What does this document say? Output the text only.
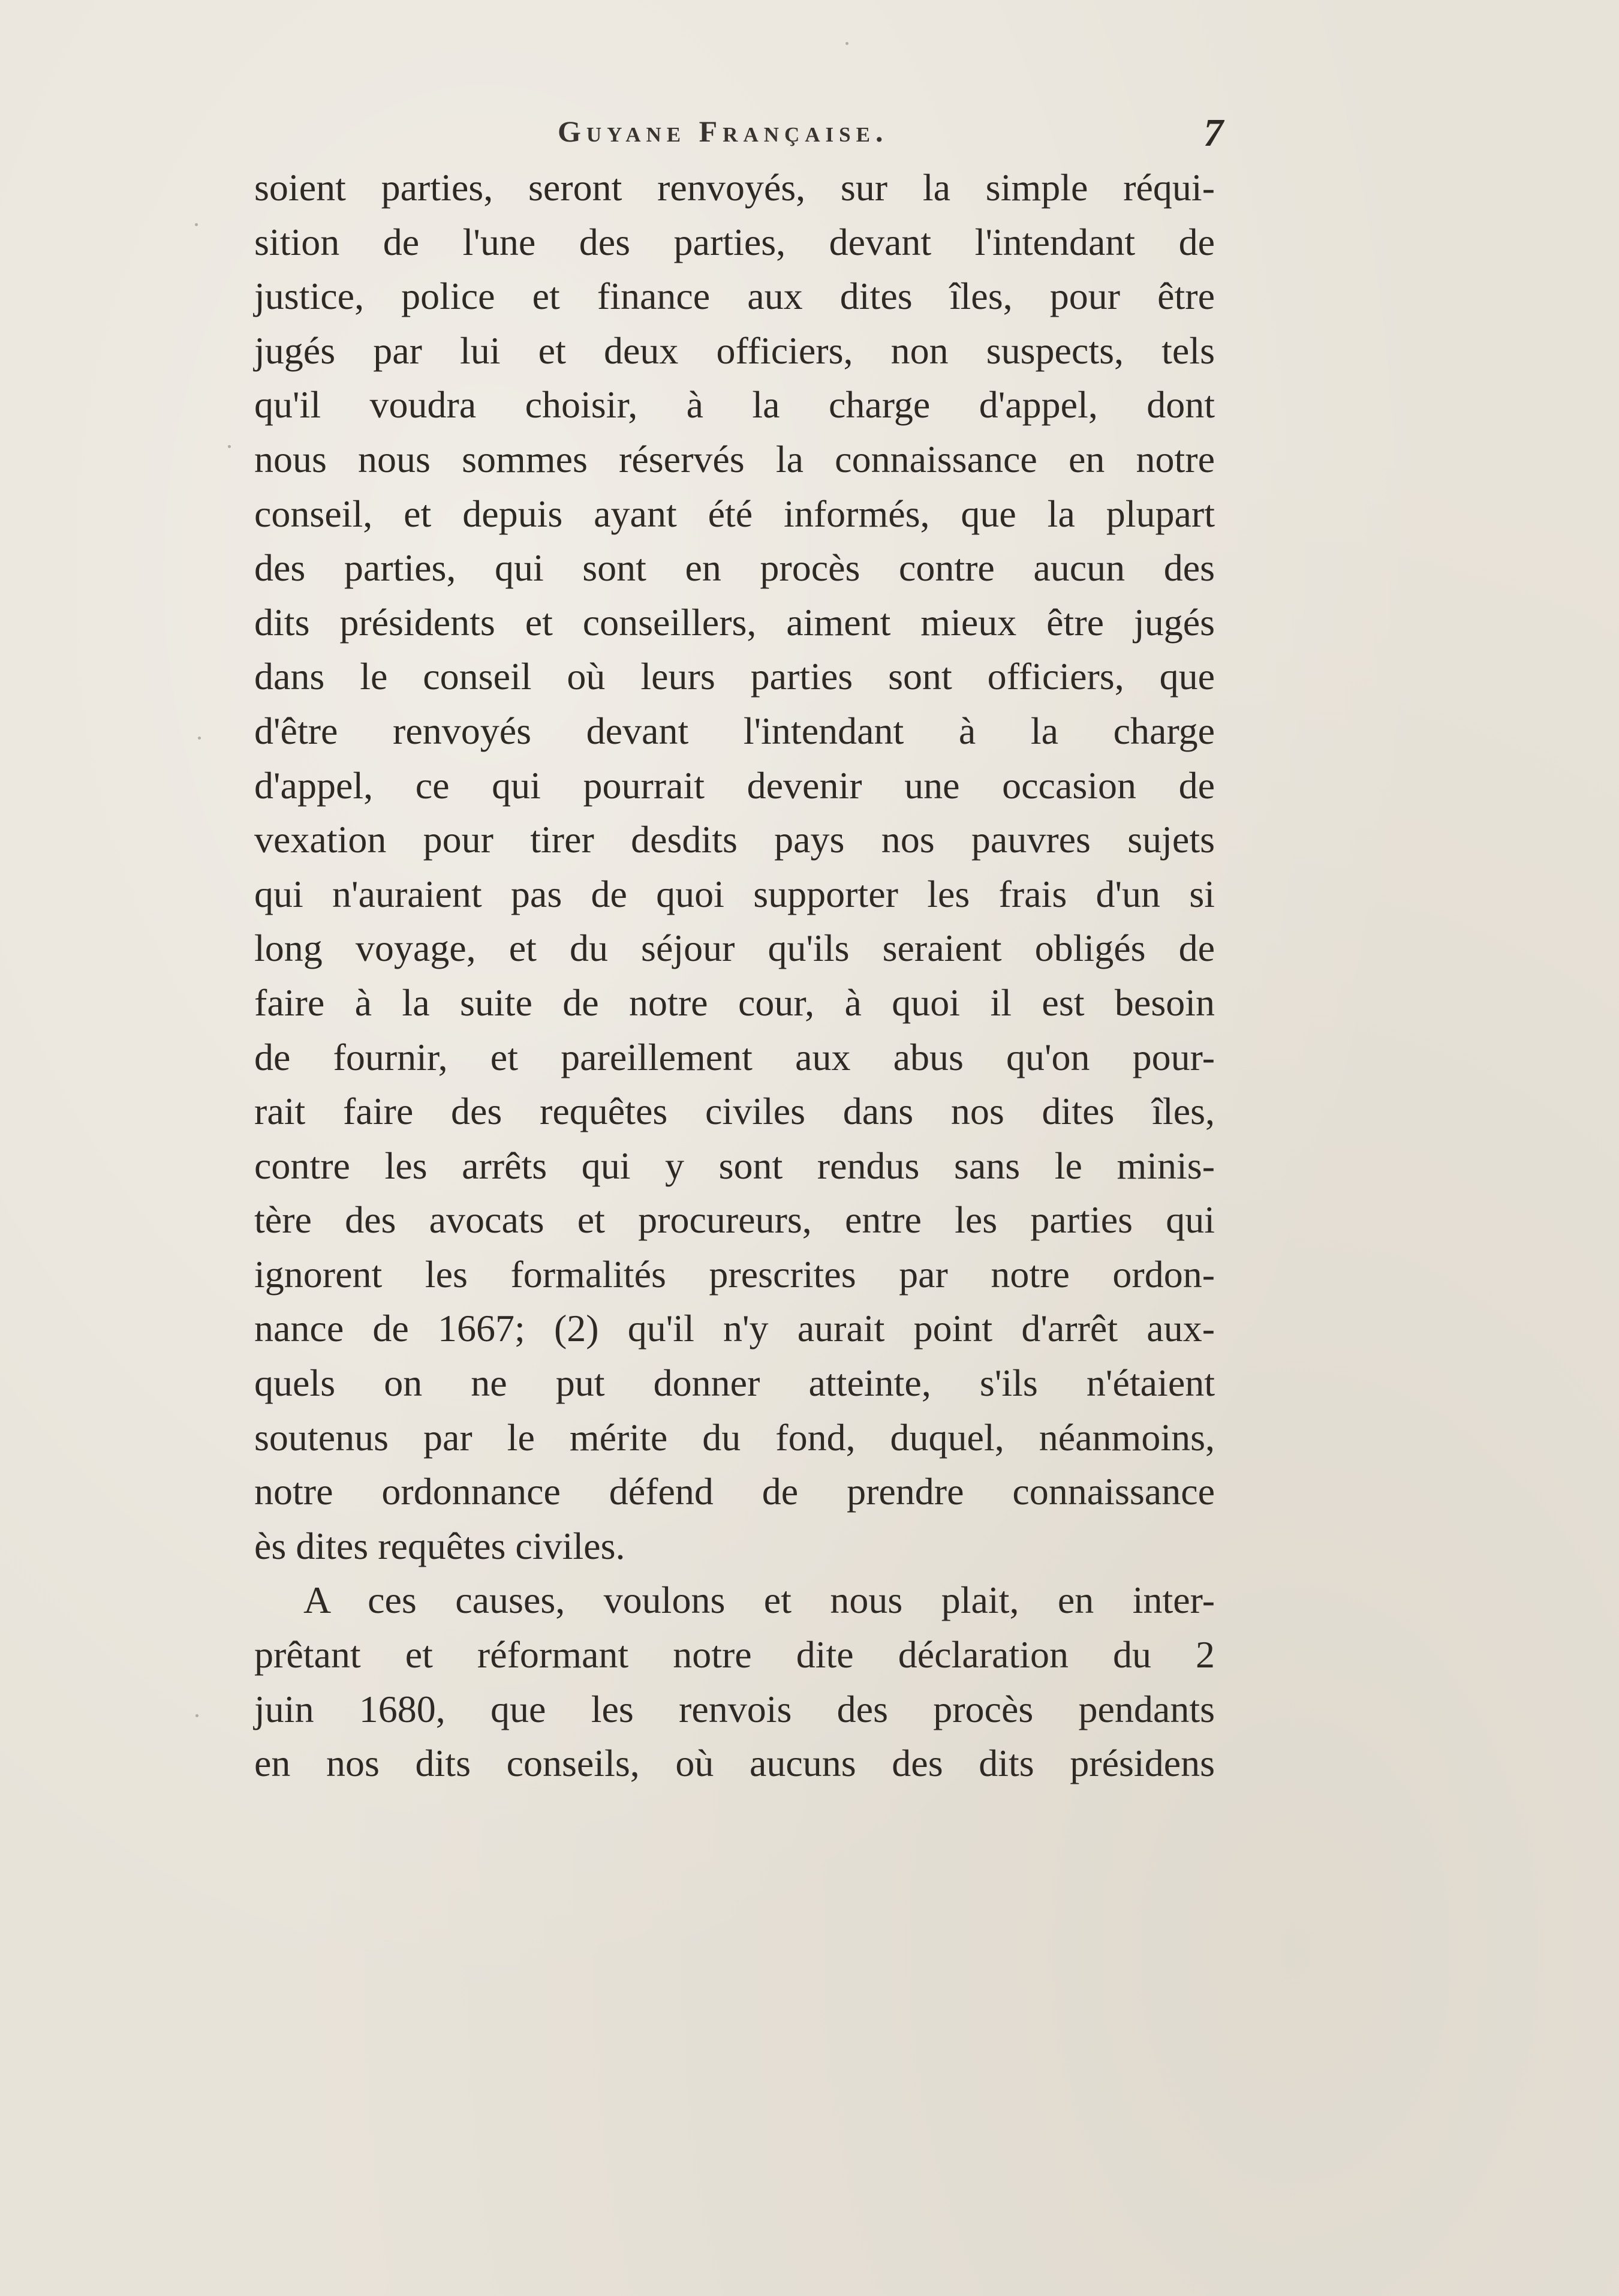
Guyane Française.	7
soient parties, seront renvoyés, sur la simple réqui-
sition de l'une des parties, devant l'intendant de
justice, police et finance aux dites îles, pour être
jugés par lui et deux officiers, non suspects, tels
qu'il voudra choisir, à la charge d'appel, dont
nous nous sommes réservés la connaissance en notre
conseil, et depuis ayant été informés, que la plupart
des parties, qui sont en procès contre aucun des
dits présidents et conseillers, aiment mieux être jugés
dans le conseil où leurs parties sont officiers, que
d'être renvoyés devant l'intendant à la charge
d'appel, ce qui pourrait devenir une occasion de
vexation pour tirer desdits pays nos pauvres sujets
qui n'auraient pas de quoi supporter les frais d'un si
long voyage, et du séjour qu'ils seraient obligés de
faire à la suite de notre cour, à quoi il est besoin
de fournir, et pareillement aux abus qu'on pour-
rait faire des requêtes civiles dans nos dites îles,
contre les arrêts qui y sont rendus sans le minis-
tère des avocats et procureurs, entre les parties qui
ignorent les formalités prescrites par notre ordon-
nance de 1667; (2) qu'il n'y aurait point d'arrêt aux-
quels on ne put donner atteinte, s'ils n'étaient
soutenus par le mérite du fond, duquel, néanmoins,
notre ordonnance défend de prendre connaissance
ès dites requêtes civiles.
A ces causes, voulons et nous plait, en inter-
prêtant et réformant notre dite déclaration du 2
juin 1680, que les renvois des procès pendants
en nos dits conseils, où aucuns des dits présidens
